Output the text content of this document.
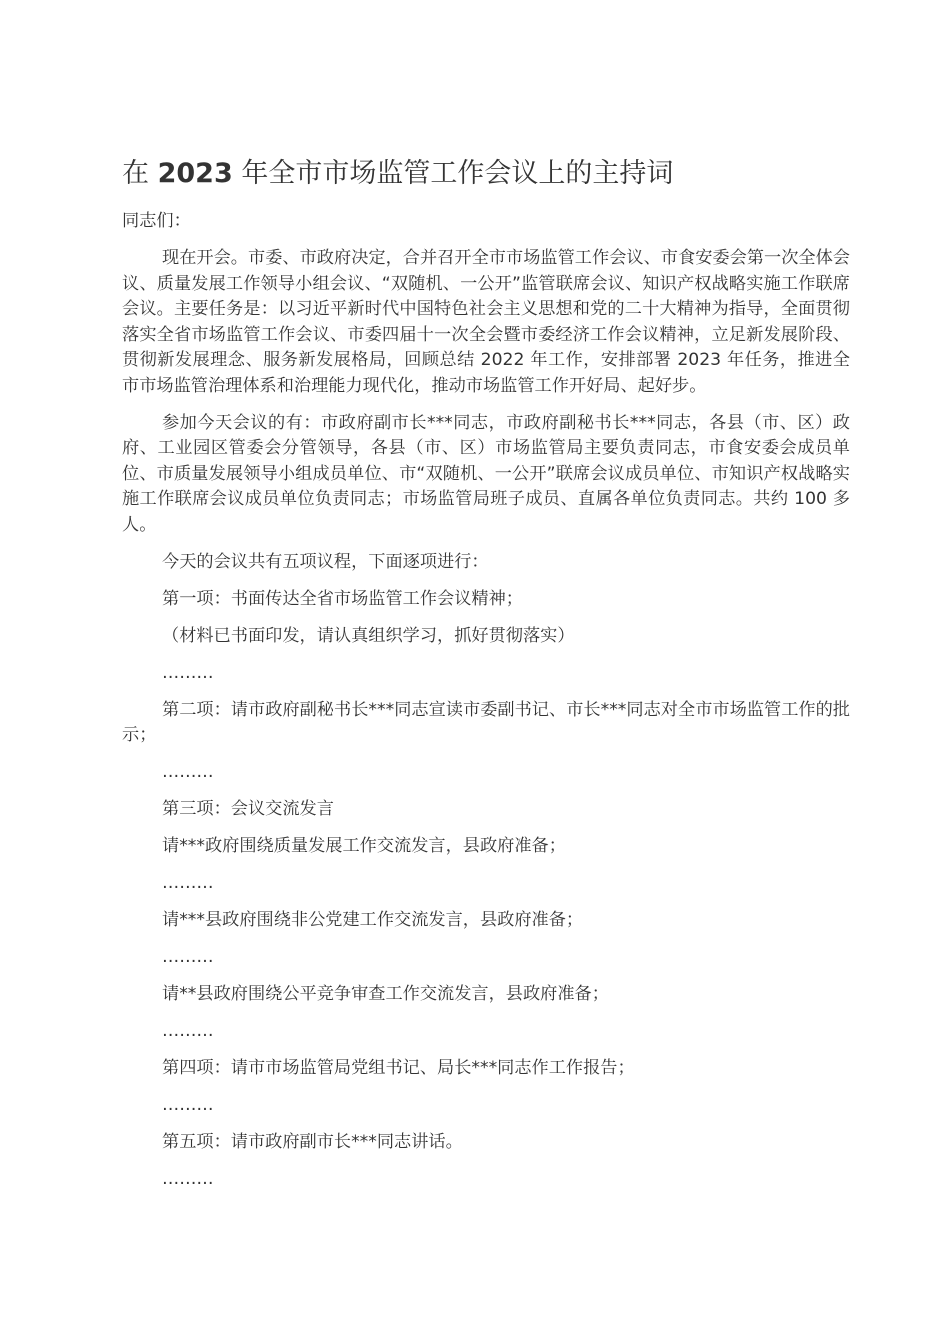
在 2023 年全市市场监管工作会议上的主持词

同志们：

现在开会。市委、市政府决定，合并召开全市市场监管工作会议、市食安委会第一次全体会议、质量发展工作领导小组会议、“双随机、一公开”监管联席会议、知识产权战略实施工作联席会议。主要任务是：以习近平新时代中国特色社会主义思想和党的二十大精神为指导，全面贯彻落实全省市场监管工作会议、市委四届十一次全会暨市委经济工作会议精神，立足新发展阶段、贯彻新发展理念、服务新发展格局，回顾总结 2022 年工作，安排部署 2023 年任务，推进全市市场监管治理体系和治理能力现代化，推动市场监管工作开好局、起好步。

参加今天会议的有：市政府副市长***同志，市政府副秘书长***同志，各县（市、区）政府、工业园区管委会分管领导，各县（市、区）市场监管局主要负责同志，市食安委会成员单位、市质量发展领导小组成员单位、市“双随机、一公开”联席会议成员单位、市知识产权战略实施工作联席会议成员单位负责同志；市场监管局班子成员、直属各单位负责同志。共约 100 多人。

今天的会议共有五项议程，下面逐项进行：

第一项：书面传达全省市场监管工作会议精神；

（材料已书面印发，请认真组织学习，抓好贯彻落实）

………

第二项：请市政府副秘书长***同志宣读市委副书记、市长***同志对全市市场监管工作的批示；

………

第三项：会议交流发言

请***政府围绕质量发展工作交流发言，县政府准备；

………

请***县政府围绕非公党建工作交流发言，县政府准备；

………

请**县政府围绕公平竞争审查工作交流发言，县政府准备；

………

第四项：请市市场监管局党组书记、局长***同志作工作报告；

………

第五项：请市政府副市长***同志讲话。

………
